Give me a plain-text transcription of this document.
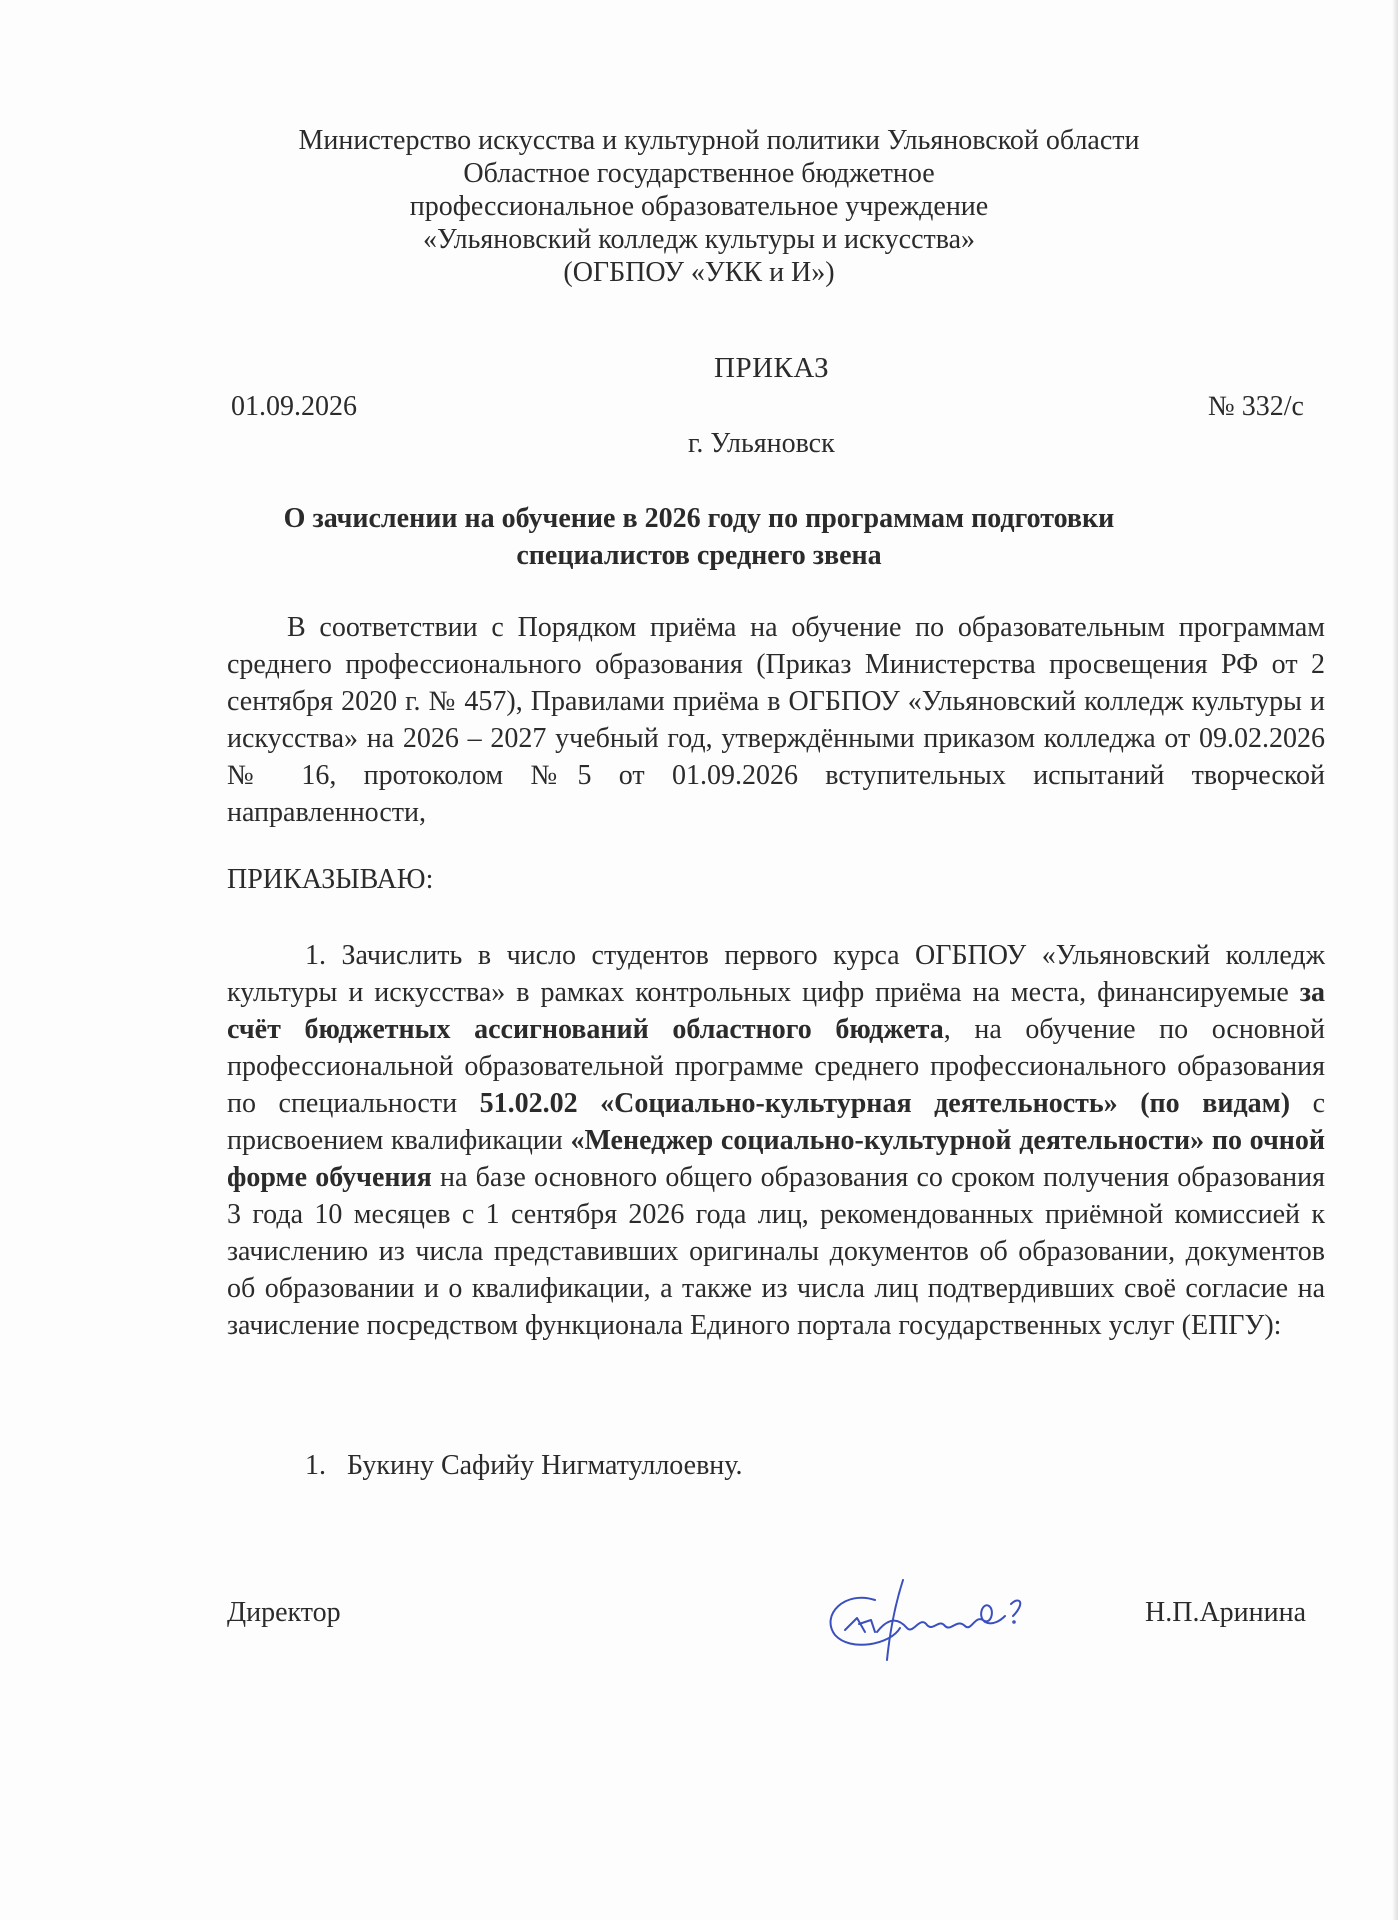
Министерство искусства и культурной политики Ульяновской области
Областное государственное бюджетное
профессиональное образовательное учреждение
«Ульяновский колледж культуры и искусства»
(ОГБПОУ «УКК и И»)
ПРИКАЗ
01.09.2026	№ 332/с
г. Ульяновск
О зачислении на обучение в 2026 году по программам подготовки
специалистов среднего звена
В соответствии с Порядком приёма на обучение по образовательным программам среднего профессионального образования (Приказ Министерства просвещения РФ от 2 сентября 2020 г. № 457), Правилами приёма в ОГБПОУ «Ульяновский колледж культуры и искусства» на 2026 – 2027 учебный год, утверждёнными приказом колледжа от 09.02.2026 № 16, протоколом №5 от 01.09.2026 вступительных испытаний творческой направленности,
ПРИКАЗЫВАЮ:
1. Зачислить в число студентов первого курса ОГБПОУ «Ульяновский колледж культуры и искусства» в рамках контрольных цифр приёма на места, финансируемые за счёт бюджетных ассигнований областного бюджета, на обучение по основной профессиональной образовательной программе среднего профессионального образования по специальности 51.02.02 «Социально-культурная деятельность» (по видам) с присвоением квалификации «Менеджер социально-культурной деятельности» по очной форме обучения на базе основного общего образования со сроком получения образования 3 года 10 месяцев с 1 сентября 2026 года лиц, рекомендованных приёмной комиссией к зачислению из числа представивших оригиналы документов об образовании, документов об образовании и о квалификации, а также из числа лиц подтвердивших своё согласие на зачисление посредством функционала Единого портала государственных услуг (ЕПГУ):
1. Букину Сафийу Нигматуллоевну.
Директор	Н.П.Аринина
